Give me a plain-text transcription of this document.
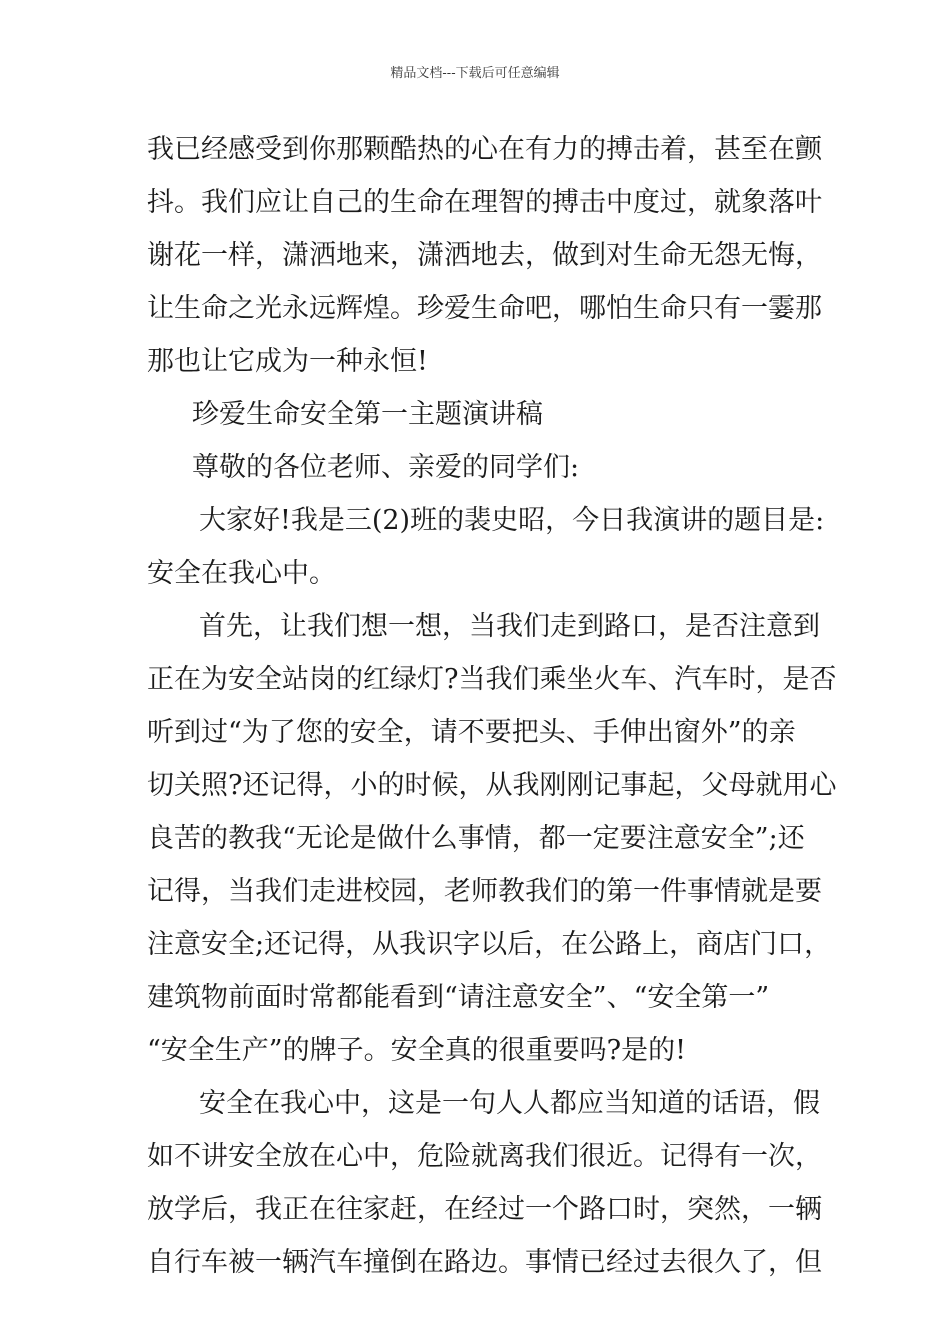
精品文档---下载后可任意编辑
我已经感受到你那颗酷热的心在有力的搏击着，甚至在颤
抖。我们应让自己的生命在理智的搏击中度过，就象落叶
谢花一样，潇洒地来，潇洒地去，做到对生命无怨无悔，
让生命之光永远辉煌。珍爱生命吧，哪怕生命只有一霎那
那也让它成为一种永恒!
珍爱生命安全第一主题演讲稿
尊敬的各位老师、亲爱的同学们:
大家好!我是三(2)班的裴史昭，今日我演讲的题目是:
安全在我心中。
首先，让我们想一想，当我们走到路口，是否注意到
正在为安全站岗的红绿灯?当我们乘坐火车、汽车时，是否
听到过“为了您的安全，请不要把头、手伸出窗外”的亲
切关照?还记得，小的时候，从我刚刚记事起，父母就用心
良苦的教我“无论是做什么事情，都一定要注意安全”;还
记得，当我们走进校园，老师教我们的第一件事情就是要
注意安全;还记得，从我识字以后，在公路上，商店门口，
建筑物前面时常都能看到“请注意安全”、“安全第一”
“安全生产”的牌子。安全真的很重要吗?是的!
安全在我心中，这是一句人人都应当知道的话语，假
如不讲安全放在心中，危险就离我们很近。记得有一次，
放学后，我正在往家赶，在经过一个路口时，突然，一辆
自行车被一辆汽车撞倒在路边。事情已经过去很久了，但
